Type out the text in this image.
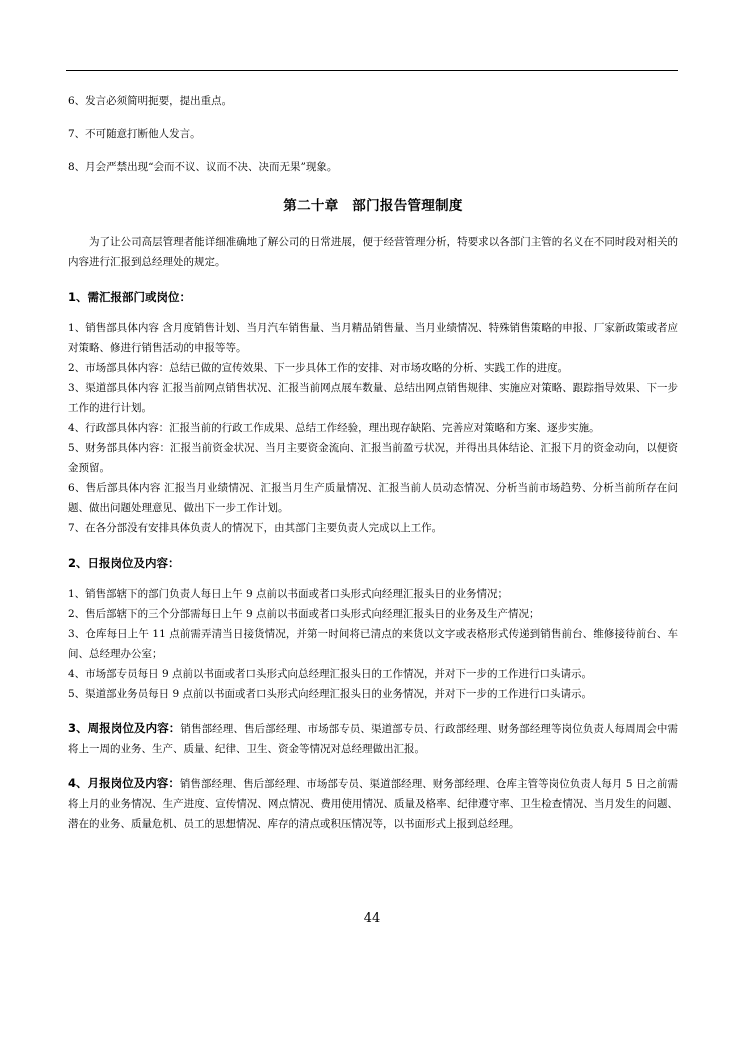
6、发言必须简明扼要，提出重点。

7、不可随意打断他人发言。

8、月会严禁出现“会而不议、议而不决、决而无果”现象。

第二十章　部门报告管理制度

为了让公司高层管理者能详细准确地了解公司的日常进展，便于经营管理分析，特要求以各部门主管的名义在不同时段对相关的内容进行汇报到总经理处的规定。

1、需汇报部门或岗位：

1、销售部具体内容 含月度销售计划、当月汽车销售量、当月精品销售量、当月业绩情况、特殊销售策略的申报、厂家新政策或者应对策略、修进行销售活动的申报等等。

2、市场部具体内容：总结已做的宣传效果、下一步具体工作的安排、对市场攻略的分析、实践工作的进度。

3、渠道部具体内容 汇报当前网点销售状况、汇报当前网点展车数量、总结出网点销售规律、实施应对策略、跟踪指导效果、下一步工作的进行计划。

4、行政部具体内容：汇报当前的行政工作成果、总结工作经验，理出现存缺陷、完善应对策略和方案、逐步实施。

5、财务部具体内容：汇报当前资金状况、当月主要资金流向、汇报当前盈亏状况，并得出具体结论、汇报下月的资金动向，以便资金预留。

6、售后部具体内容 汇报当月业绩情况、汇报当月生产质量情况、汇报当前人员动态情况、分析当前市场趋势、分析当前所存在问题、做出问题处理意见、做出下一步工作计划。

7、在各分部没有安排具体负责人的情况下，由其部门主要负责人完成以上工作。

2、日报岗位及内容：

1、销售部辖下的部门负责人每日上午 9 点前以书面或者口头形式向经理汇报头日的业务情况；

2、售后部辖下的三个分部需每日上午 9 点前以书面或者口头形式向经理汇报头日的业务及生产情况；

3、仓库每日上午 11 点前需弄清当日接货情况，并第一时间将已清点的来货以文字或表格形式传递到销售前台、维修接待前台、车间、总经理办公室；

4、市场部专员每日 9 点前以书面或者口头形式向总经理汇报头日的工作情况，并对下一步的工作进行口头请示。

5、渠道部业务员每日 9 点前以书面或者口头形式向经理汇报头日的业务情况，并对下一步的工作进行口头请示。

3、周报岗位及内容：销售部经理、售后部经理、市场部专员、渠道部专员、行政部经理、财务部经理等岗位负责人每周周会中需将上一周的业务、生产、质量、纪律、卫生、资金等情况对总经理做出汇报。

4、月报岗位及内容：销售部经理、售后部经理、市场部专员、渠道部经理、财务部经理、仓库主管等岗位负责人每月 5 日之前需将上月的业务情况、生产进度、宣传情况、网点情况、费用使用情况、质量及格率、纪律遵守率、卫生检查情况、当月发生的问题、潜在的业务、质量危机、员工的思想情况、库存的清点或积压情况等，以书面形式上报到总经理。

44
